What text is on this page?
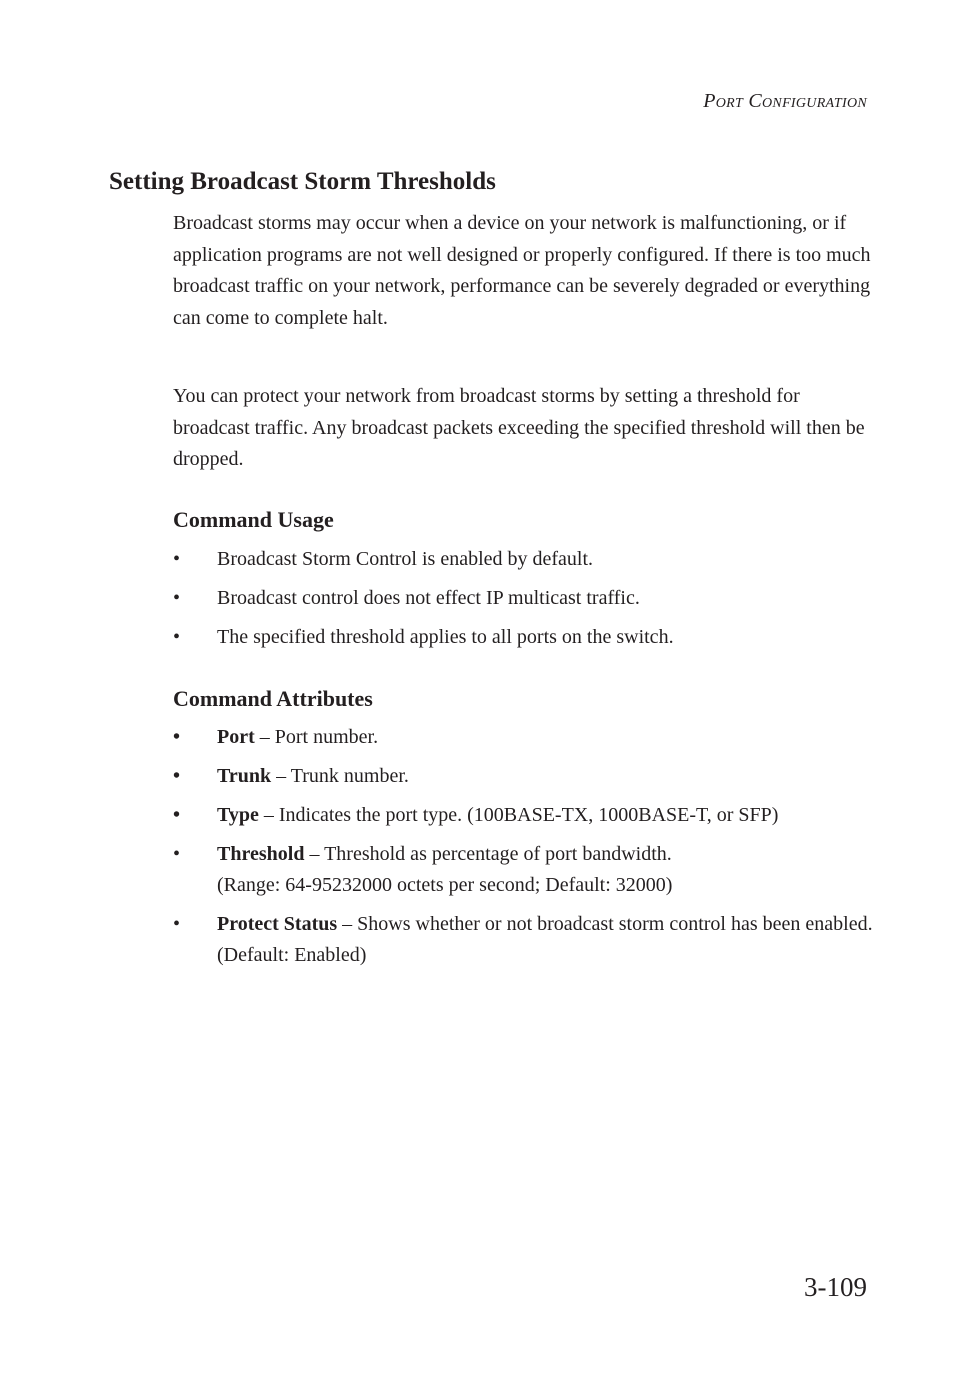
Port Configuration
Setting Broadcast Storm Thresholds

Broadcast storms may occur when a device on your network is malfunctioning, or if application programs are not well designed or properly configured. If there is too much broadcast traffic on your network, performance can be severely degraded or everything can come to complete halt.

You can protect your network from broadcast storms by setting a threshold for broadcast traffic. Any broadcast packets exceeding the specified threshold will then be dropped.

Command Usage
•	Broadcast Storm Control is enabled by default.
•	Broadcast control does not effect IP multicast traffic.
•	The specified threshold applies to all ports on the switch.
Command Attributes
•	Port – Port number.
•	Trunk – Trunk number.
•	Type – Indicates the port type. (100BASE-TX, 1000BASE-T, or SFP)
•	Threshold – Threshold as percentage of port bandwidth.
(Range: 64-95232000 octets per second; Default: 32000)
•	Protect Status – Shows whether or not broadcast storm control has been enabled. (Default: Enabled)
3-109
